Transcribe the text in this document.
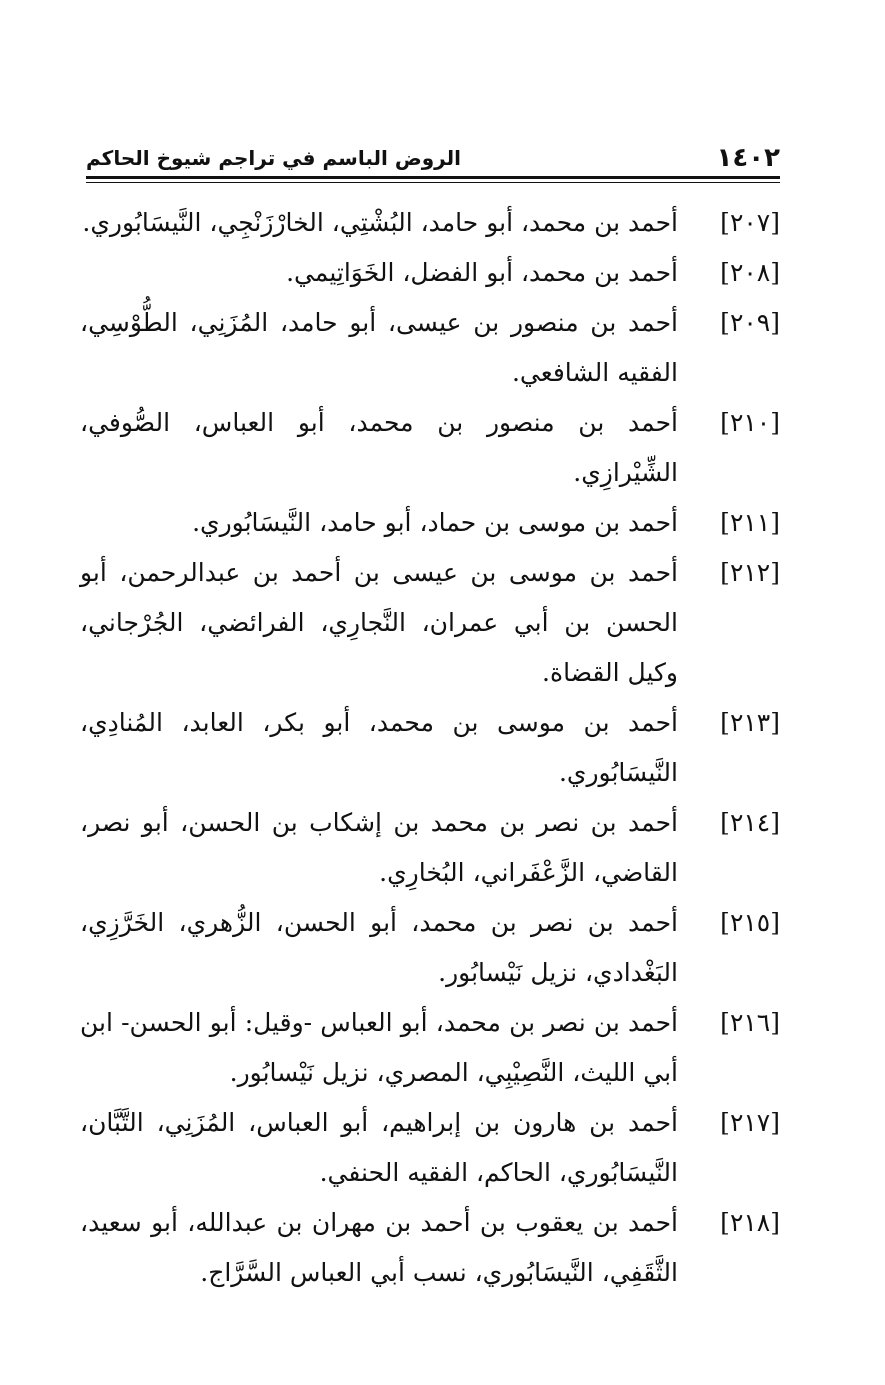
١٤٠٢
الروض الباسم في تراجم شيوخ الحاكم
[٢٠٧]أحمد بن محمد، أبو حامد، البُشْتِي، الخارْزَنْجِي، النَّيسَابُوري.
[٢٠٨]أحمد بن محمد، أبو الفضل، الخَوَاتِيمي.
[٢٠٩]أحمد بن منصور بن عيسى، أبو حامد، المُزَنِي، الطُّوْسِي، الفقيه الشافعي.
[٢١٠]أحمد بن منصور بن محمد، أبو العباس، الصُّوفي، الشِّيْرازِي.
[٢١١]أحمد بن موسى بن حماد، أبو حامد، النَّيسَابُوري.
[٢١٢]أحمد بن موسى بن عيسى بن أحمد بن عبدالرحمن، أبو الحسن بن أبي عمران، النَّجارِي، الفرائضي، الجُرْجاني، وكيل القضاة.
[٢١٣]أحمد بن موسى بن محمد، أبو بكر، العابد، المُنادِي، النَّيسَابُوري.
[٢١٤]أحمد بن نصر بن محمد بن إشكاب بن الحسن، أبو نصر، القاضي، الزَّعْفَراني، البُخارِي.
[٢١٥]أحمد بن نصر بن محمد، أبو الحسن، الزُّهري، الخَرَّزِي، البَغْدادي، نزيل نَيْسابُور.
[٢١٦]أحمد بن نصر بن محمد، أبو العباس -وقيل: أبو الحسن- ابن أبي الليث، النَّصِيْبِي، المصري، نزيل نَيْسابُور.
[٢١٧]أحمد بن هارون بن إبراهيم، أبو العباس، المُزَنِي، التَّبَّان، النَّيسَابُوري، الحاكم، الفقيه الحنفي.
[٢١٨]أحمد بن يعقوب بن أحمد بن مهران بن عبدالله، أبو سعيد، الثَّقَفِي، النَّيسَابُوري، نسب أبي العباس السَّرَّاج.
